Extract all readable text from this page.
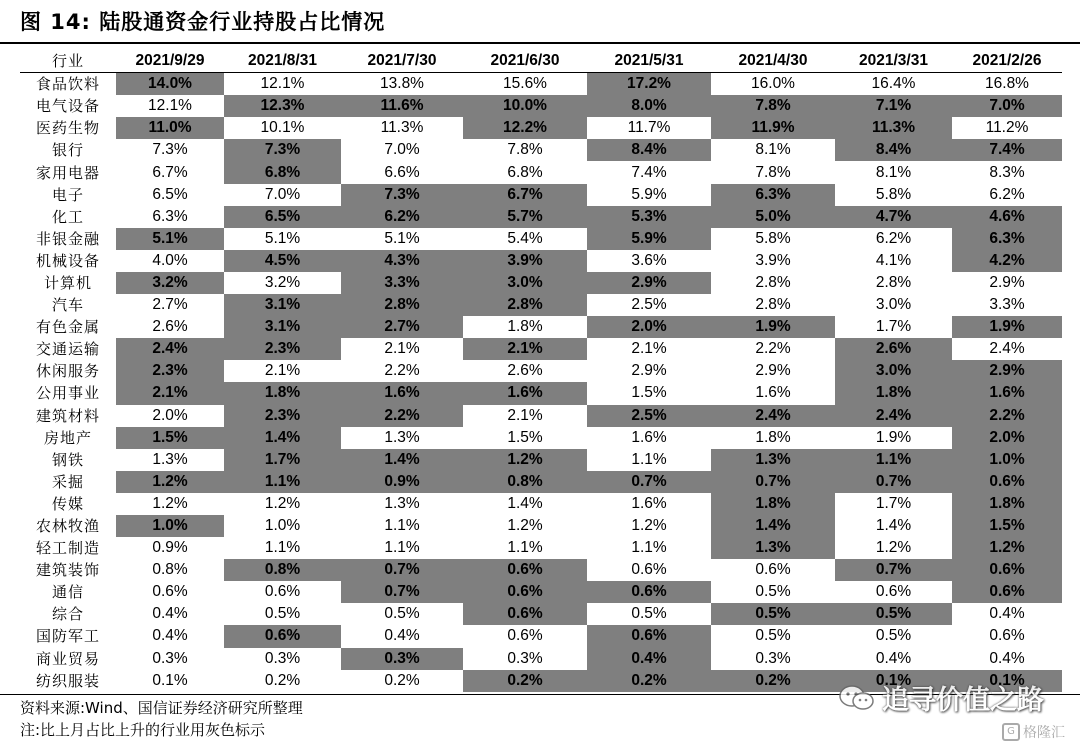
图 14: 陆股通资金行业持股占比情况
行业	2021/9/29	2021/8/31	2021/7/30	2021/6/30	2021/5/31	2021/4/30	2021/3/31	2021/2/26
食品饮料	14.0%	12.1%	13.8%	15.6%	17.2%	16.0%	16.4%	16.8%
电气设备	12.1%	12.3%	11.6%	10.0%	8.0%	7.8%	7.1%	7.0%
医药生物	11.0%	10.1%	11.3%	12.2%	11.7%	11.9%	11.3%	11.2%
银行	7.3%	7.3%	7.0%	7.8%	8.4%	8.1%	8.4%	7.4%
家用电器	6.7%	6.8%	6.6%	6.8%	7.4%	7.8%	8.1%	8.3%
电子	6.5%	7.0%	7.3%	6.7%	5.9%	6.3%	5.8%	6.2%
化工	6.3%	6.5%	6.2%	5.7%	5.3%	5.0%	4.7%	4.6%
非银金融	5.1%	5.1%	5.1%	5.4%	5.9%	5.8%	6.2%	6.3%
机械设备	4.0%	4.5%	4.3%	3.9%	3.6%	3.9%	4.1%	4.2%
计算机	3.2%	3.2%	3.3%	3.0%	2.9%	2.8%	2.8%	2.9%
汽车	2.7%	3.1%	2.8%	2.8%	2.5%	2.8%	3.0%	3.3%
有色金属	2.6%	3.1%	2.7%	1.8%	2.0%	1.9%	1.7%	1.9%
交通运输	2.4%	2.3%	2.1%	2.1%	2.1%	2.2%	2.6%	2.4%
休闲服务	2.3%	2.1%	2.2%	2.6%	2.9%	2.9%	3.0%	2.9%
公用事业	2.1%	1.8%	1.6%	1.6%	1.5%	1.6%	1.8%	1.6%
建筑材料	2.0%	2.3%	2.2%	2.1%	2.5%	2.4%	2.4%	2.2%
房地产	1.5%	1.4%	1.3%	1.5%	1.6%	1.8%	1.9%	2.0%
钢铁	1.3%	1.7%	1.4%	1.2%	1.1%	1.3%	1.1%	1.0%
采掘	1.2%	1.1%	0.9%	0.8%	0.7%	0.7%	0.7%	0.6%
传媒	1.2%	1.2%	1.3%	1.4%	1.6%	1.8%	1.7%	1.8%
农林牧渔	1.0%	1.0%	1.1%	1.2%	1.2%	1.4%	1.4%	1.5%
轻工制造	0.9%	1.1%	1.1%	1.1%	1.1%	1.3%	1.2%	1.2%
建筑装饰	0.8%	0.8%	0.7%	0.6%	0.6%	0.6%	0.7%	0.6%
通信	0.6%	0.6%	0.7%	0.6%	0.6%	0.5%	0.6%	0.6%
综合	0.4%	0.5%	0.5%	0.6%	0.5%	0.5%	0.5%	0.4%
国防军工	0.4%	0.6%	0.4%	0.6%	0.6%	0.5%	0.5%	0.6%
商业贸易	0.3%	0.3%	0.3%	0.3%	0.4%	0.3%	0.4%	0.4%
纺织服装	0.1%	0.2%	0.2%	0.2%	0.2%	0.2%	0.1%	0.1%
资料来源:Wind、国信证券经济研究所整理
注:比上月占比上升的行业用灰色标示
追寻价值之路
G 格隆汇
